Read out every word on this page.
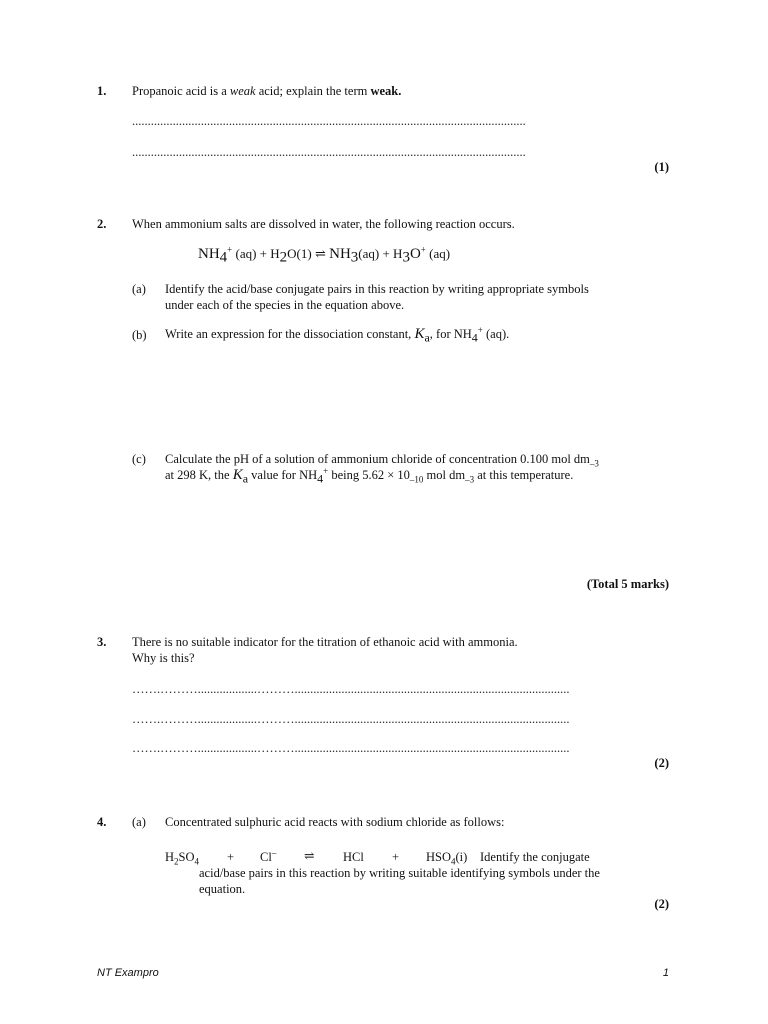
1. Propanoic acid is a weak acid; explain the term weak.
..............................................................................................................................
..............................................................................................................................
(1)
2. When ammonium salts are dissolved in water, the following reaction occurs.
$NH_4^+$ $(aq) + H_2O(1)$ ⇌ $NH_3(aq) + H_3O^+$ (aq)
(a) Identify the acid/base conjugate pairs in this reaction by writing appropriate symbols
under each of the species in the equation above.
(b) Write an expression for the dissociation constant, $K_a$, for $NH_4^+$ (aq).
(c) Calculate the pH of a solution of ammonium chloride of concentration 0.100 mol $dm_{-3}$
at 298 K, the $K_a$ value for $NH_4^+$ being $5.62 \times 10_{-10}$ mol $dm_{-3}$ at this temperature.
(Total 5 marks)
3. There is no suitable indicator for the titration of ethanoic acid with ammonia.
Why is this?
…….………...................………........................................................................................
…….………...................………........................................................................................
…….………...................………........................................................................................
(2)
4. (a) Concentrated sulphuric acid reacts with sodium chloride as follows:
$H_2SO_4 + Cl^-$ ⇌ HCl + $HSO_4(i)$ Identify the conjugate
acid/base pairs in this reaction by writing suitable identifying symbols under the
equation.
(2)
NT Exampro	1
